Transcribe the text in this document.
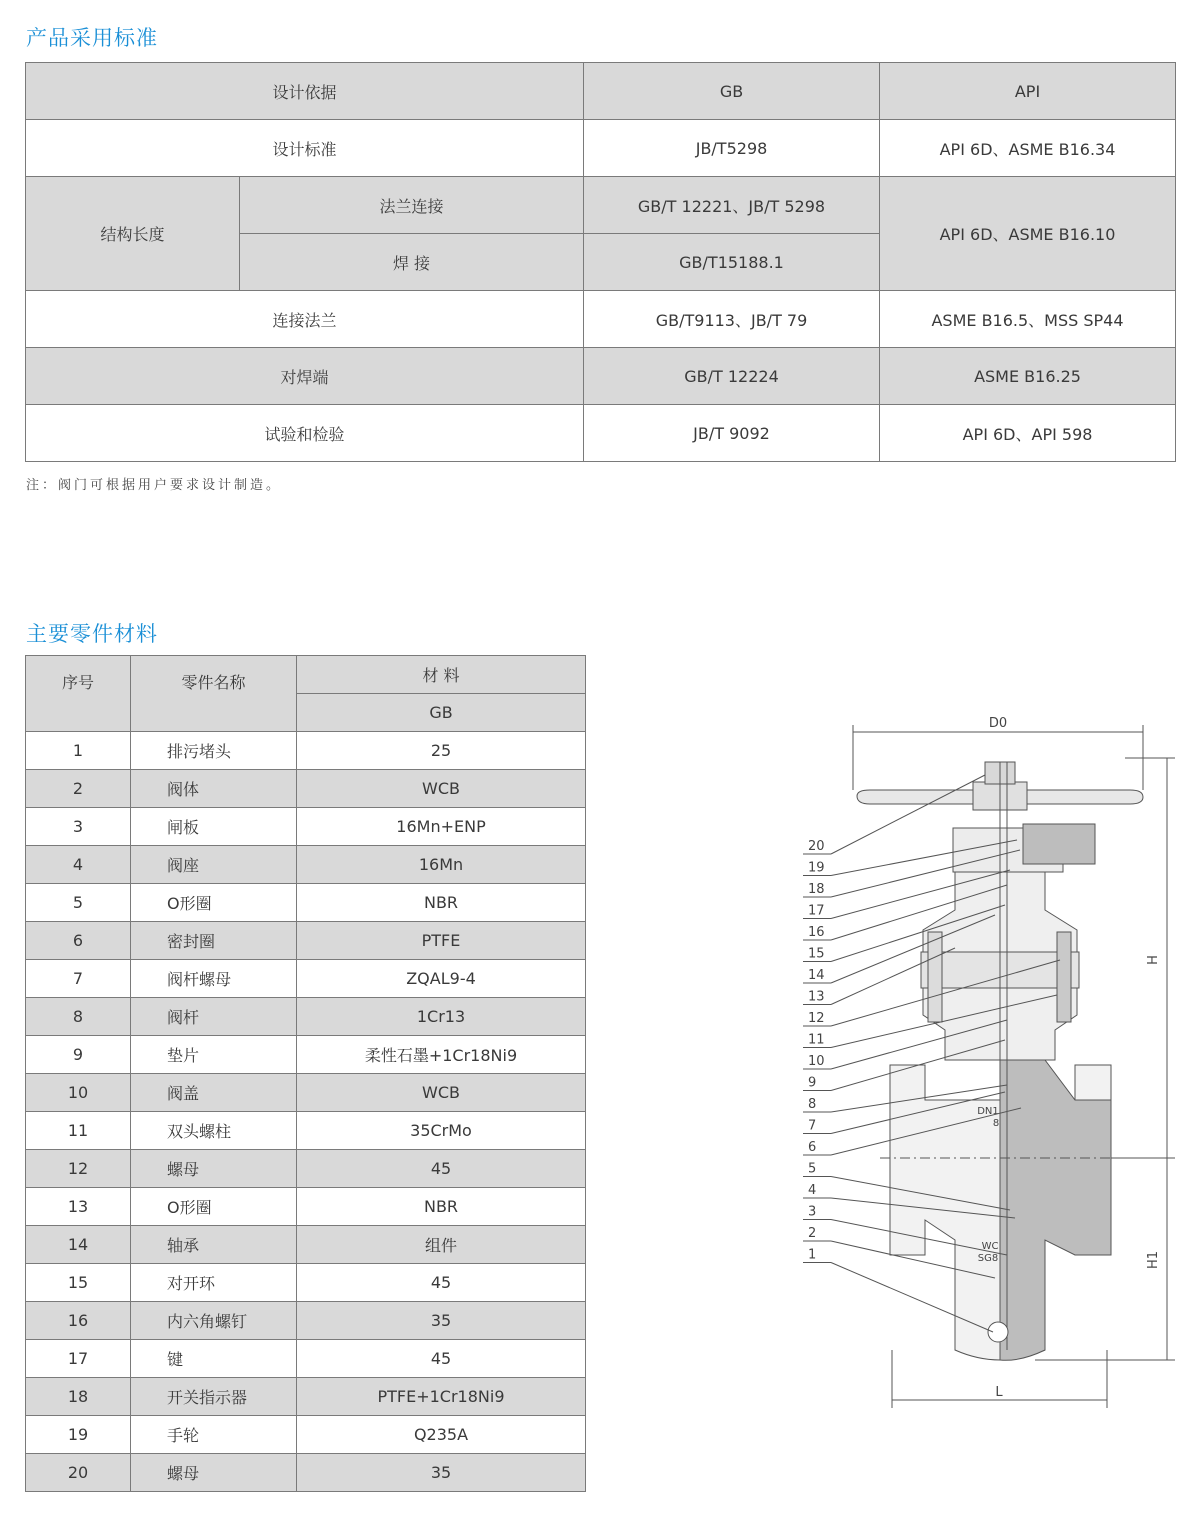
产品采用标准
设计依据		GB	API
设计标准		JB/T5298	API 6D、ASME B16.34
结构长度	法兰连接	GB/T 12221、JB/T 5298	API 6D、ASME B16.10
	焊 接	GB/T15188.1	
连接法兰		GB/T9113、JB/T 79	ASME B16.5、MSS SP44
对焊端		GB/T 12224	ASME B16.25
试验和检验		JB/T 9092	API 6D、API 598
注：阀门可根据用户要求设计制造。
主要零件材料
序号	零件名称	材 料
		GB
1	排污堵头	25
2	阀体	WCB
3	闸板	16Mn+ENP
4	阀座	16Mn
5	O形圈	NBR
6	密封圈	PTFE
7	阀杆螺母	ZQAL9-4
8	阀杆	1Cr13
9	垫片	柔性石墨+1Cr18Ni9
10	阀盖	WCB
11	双头螺柱	35CrMo
12	螺母	45
13	O形圈	NBR
14	轴承	组件
15	对开环	45
16	内六角螺钉	35
17	键	45
18	开关指示器	PTFE+1Cr18Ni9
19	手轮	Q235A
20	螺母	35
D0
H
H1
L
DN1
8
WC
SG8
20
19
18
17
16
15
14
13
12
11
10
9
8
7
6
5
4
3
2
1
